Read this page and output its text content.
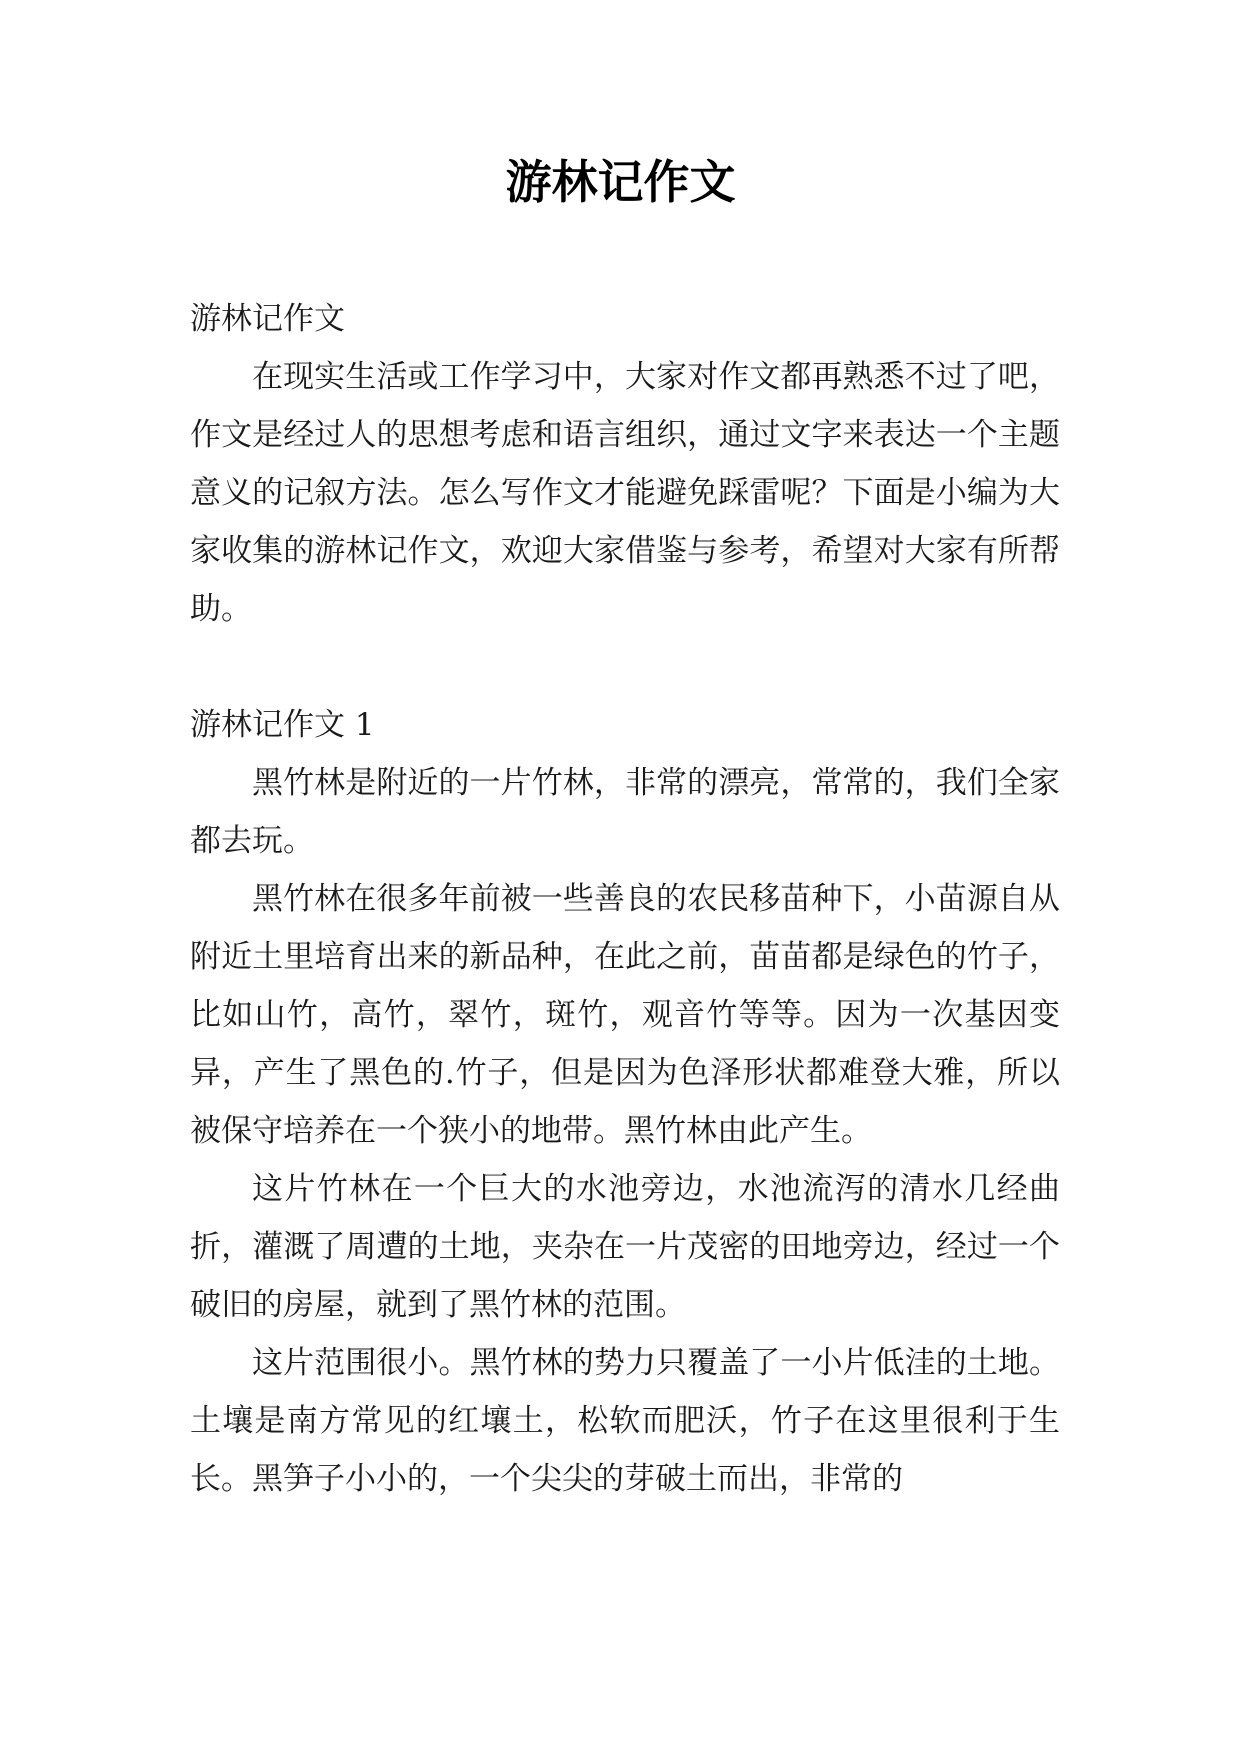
游林记作文

游林记作文

在现实生活或工作学习中，大家对作文都再熟悉不过了吧，作文是经过人的思想考虑和语言组织，通过文字来表达一个主题意义的记叙方法。怎么写作文才能避免踩雷呢？下面是小编为大家收集的游林记作文，欢迎大家借鉴与参考，希望对大家有所帮助。

游林记作文 1

黑竹林是附近的一片竹林，非常的漂亮，常常的，我们全家都去玩。

黑竹林在很多年前被一些善良的农民移苗种下，小苗源自从附近土里培育出来的新品种，在此之前，苗苗都是绿色的竹子，比如山竹，高竹，翠竹，斑竹，观音竹等等。因为一次基因变异，产生了黑色的.竹子，但是因为色泽形状都难登大雅，所以被保守培养在一个狭小的地带。黑竹林由此产生。

这片竹林在一个巨大的水池旁边，水池流泻的清水几经曲折，灌溉了周遭的土地，夹杂在一片茂密的田地旁边，经过一个破旧的房屋，就到了黑竹林的范围。

这片范围很小。黑竹林的势力只覆盖了一小片低洼的土地。土壤是南方常见的红壤土，松软而肥沃，竹子在这里很利于生长。黑笋子小小的，一个尖尖的芽破土而出，非常的
